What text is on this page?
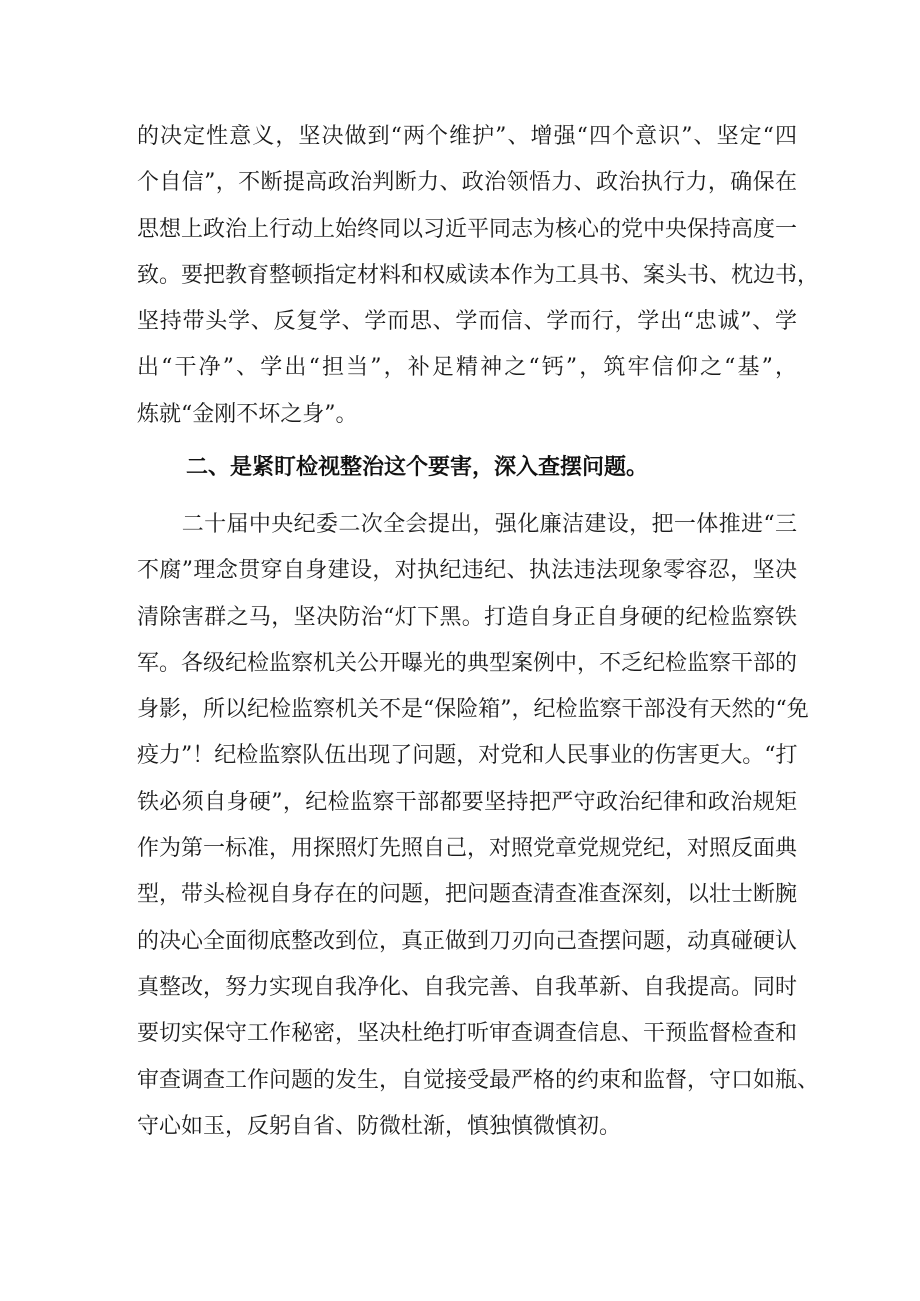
的决定性意义，坚决做到“两个维护”、增强“四个意识”、坚定“四
个自信”，不断提高政治判断力、政治领悟力、政治执行力，确保在
思想上政治上行动上始终同以习近平同志为核心的党中央保持高度一
致。要把教育整顿指定材料和权威读本作为工具书、案头书、枕边书，
坚持带头学、反复学、学而思、学而信、学而行，学出“忠诚”、学
出“干净”、学出“担当”，补足精神之“钙”，筑牢信仰之“基”，
炼就“金刚不坏之身”。
二、是紧盯检视整治这个要害，深入查摆问题。
　　二十届中央纪委二次全会提出，强化廉洁建设，把一体推进“三
不腐”理念贯穿自身建设，对执纪违纪、执法违法现象零容忍，坚决
清除害群之马，坚决防治“灯下黑。打造自身正自身硬的纪检监察铁
军。各级纪检监察机关公开曝光的典型案例中，不乏纪检监察干部的
身影，所以纪检监察机关不是“保险箱”，纪检监察干部没有天然的“免
疫力”！纪检监察队伍出现了问题，对党和人民事业的伤害更大。“打
铁必须自身硬”，纪检监察干部都要坚持把严守政治纪律和政治规矩
作为第一标准，用探照灯先照自己，对照党章党规党纪，对照反面典
型，带头检视自身存在的问题，把问题查清查准查深刻，以壮士断腕
的决心全面彻底整改到位，真正做到刀刃向己查摆问题，动真碰硬认
真整改，努力实现自我净化、自我完善、自我革新、自我提高。同时
要切实保守工作秘密，坚决杜绝打听审查调查信息、干预监督检查和
审查调查工作问题的发生，自觉接受最严格的约束和监督，守口如瓶、
守心如玉，反躬自省、防微杜渐，慎独慎微慎初。
